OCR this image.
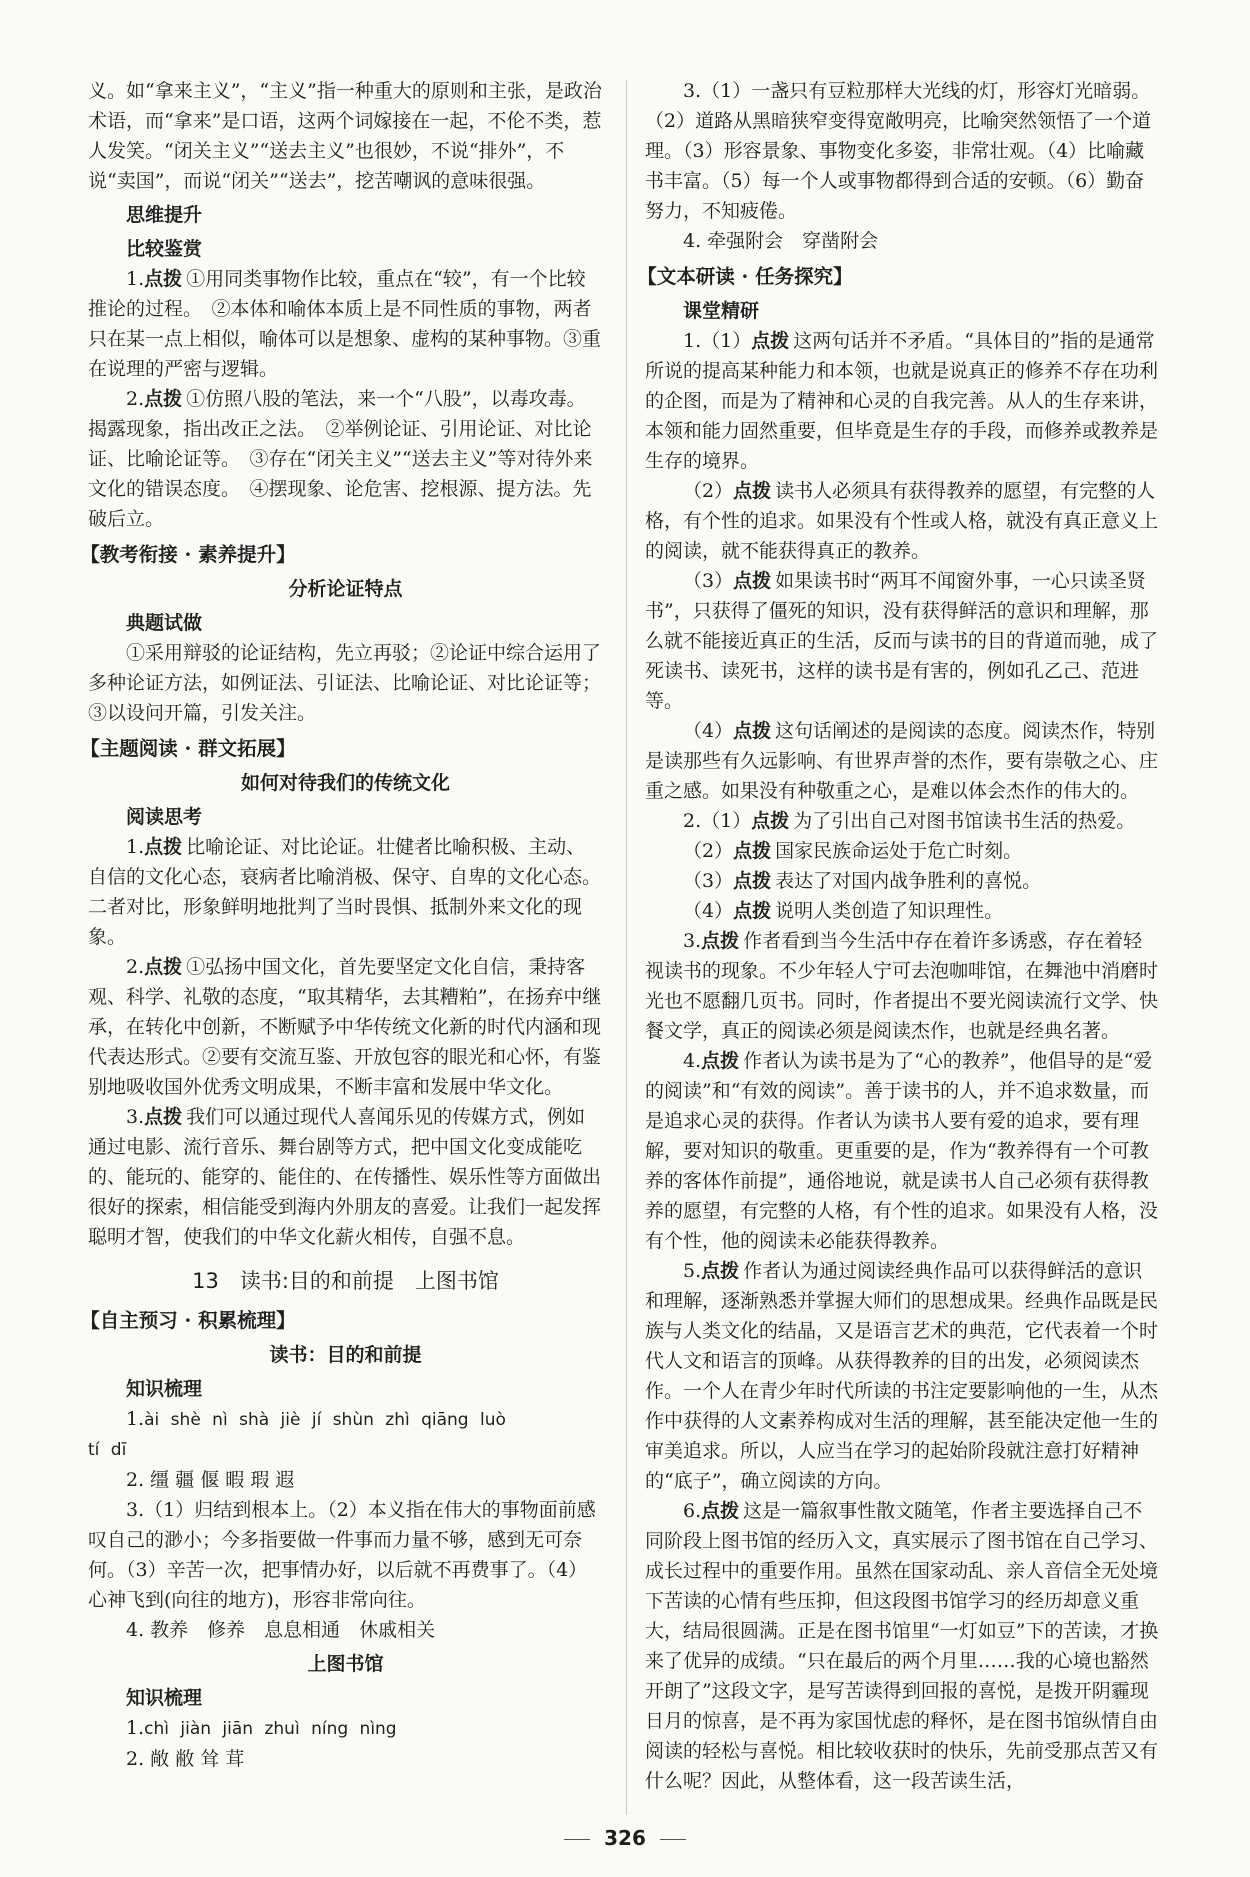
义。如“拿来主义”，“主义”指一种重大的原则和主张，是政治术语，而“拿来”是口语，这两个词嫁接在一起，不伦不类，惹人发笑。“闭关主义”“送去主义”也很妙，不说“排外”，不说“卖国”，而说“闭关”“送去”，挖苦嘲讽的意味很强。

思维提升
比较鉴赏

1.点拨 ①用同类事物作比较，重点在“较”，有一个比较推论的过程。　②本体和喻体本质上是不同性质的事物，两者只在某一点上相似，喻体可以是想象、虚构的某种事物。③重在说理的严密与逻辑。

2.点拨 ①仿照八股的笔法，来一个“八股”，以毒攻毒。揭露现象，指出改正之法。　②举例论证、引用论证、对比论证、比喻论证等。　③存在“闭关主义”“送去主义”等对待外来文化的错误态度。　④摆现象、论危害、挖根源、提方法。先破后立。

【教考衔接 · 素养提升】
分析论证特点
典题试做

①采用辩驳的论证结构，先立再驳；②论证中综合运用了多种论证方法，如例证法、引证法、比喻论证、对比论证等；③以设问开篇，引发关注。

【主题阅读 · 群文拓展】
如何对待我们的传统文化
阅读思考

1.点拨 比喻论证、对比论证。壮健者比喻积极、主动、自信的文化心态，衰病者比喻消极、保守、自卑的文化心态。二者对比，形象鲜明地批判了当时畏惧、抵制外来文化的现象。

2.点拨 ①弘扬中国文化，首先要坚定文化自信，秉持客观、科学、礼敬的态度，“取其精华，去其糟粕”，在扬弃中继承，在转化中创新，不断赋予中华传统文化新的时代内涵和现代表达形式。②要有交流互鉴、开放包容的眼光和心怀，有鉴别地吸收国外优秀文明成果，不断丰富和发展中华文化。

3.点拨 我们可以通过现代人喜闻乐见的传媒方式，例如通过电影、流行音乐、舞台剧等方式，把中国文化变成能吃的、能玩的、能穿的、能住的、在传播性、娱乐性等方面做出很好的探索，相信能受到海内外朋友的喜爱。让我们一起发挥聪明才智，使我们的中华文化薪火相传，自强不息。

13　读书:目的和前提　上图书馆
【自主预习 · 积累梳理】
读书：目的和前提
知识梳理

1.ài shè nì shà jiè jí shùn zhì qiāng luò

tí dī

2. 缰 疆 偃 暇 瑕 遐

3.（1）归结到根本上。（2）本义指在伟大的事物面前感叹自己的渺小；今多指要做一件事而力量不够，感到无可奈何。（3）辛苦一次，把事情办好，以后就不再费事了。（4）心神飞到(向往的地方)，形容非常向往。

4. 教养　修养　息息相通　休戚相关

上图书馆
知识梳理

1.chì jiàn jiān zhuì níng nìng

2. 敞 敝 耸 茸

3.（1）一盏只有豆粒那样大光线的灯，形容灯光暗弱。（2）道路从黑暗狭窄变得宽敞明亮，比喻突然领悟了一个道理。（3）形容景象、事物变化多姿，非常壮观。（4）比喻藏书丰富。（5）每一个人或事物都得到合适的安顿。（6）勤奋努力，不知疲倦。

4. 牵强附会　穿凿附会

【文本研读 · 任务探究】
课堂精研

1.（1）点拨 这两句话并不矛盾。“具体目的”指的是通常所说的提高某种能力和本领，也就是说真正的修养不存在功利的企图，而是为了精神和心灵的自我完善。从人的生存来讲，本领和能力固然重要，但毕竟是生存的手段，而修养或教养是生存的境界。

（2）点拨 读书人必须具有获得教养的愿望，有完整的人格，有个性的追求。如果没有个性或人格，就没有真正意义上的阅读，就不能获得真正的教养。

（3）点拨 如果读书时“两耳不闻窗外事，一心只读圣贤书”，只获得了僵死的知识，没有获得鲜活的意识和理解，那么就不能接近真正的生活，反而与读书的目的背道而驰，成了死读书、读死书，这样的读书是有害的，例如孔乙己、范进等。

（4）点拨 这句话阐述的是阅读的态度。阅读杰作，特别是读那些有久远影响、有世界声誉的杰作，要有崇敬之心、庄重之感。如果没有种敬重之心，是难以体会杰作的伟大的。

2.（1）点拨 为了引出自己对图书馆读书生活的热爱。

（2）点拨 国家民族命运处于危亡时刻。

（3）点拨 表达了对国内战争胜利的喜悦。

（4）点拨 说明人类创造了知识理性。

3.点拨 作者看到当今生活中存在着许多诱惑，存在着轻视读书的现象。不少年轻人宁可去泡咖啡馆，在舞池中消磨时光也不愿翻几页书。同时，作者提出不要光阅读流行文学、快餐文学，真正的阅读必须是阅读杰作，也就是经典名著。

4.点拨 作者认为读书是为了“心的教养”，他倡导的是“爱的阅读”和“有效的阅读”。善于读书的人，并不追求数量，而是追求心灵的获得。作者认为读书人要有爱的追求，要有理解，要对知识的敬重。更重要的是，作为“教养得有一个可教养的客体作前提”，通俗地说，就是读书人自己必须有获得教养的愿望，有完整的人格，有个性的追求。如果没有人格，没有个性，他的阅读未必能获得教养。

5.点拨 作者认为通过阅读经典作品可以获得鲜活的意识和理解，逐渐熟悉并掌握大师们的思想成果。经典作品既是民族与人类文化的结晶，又是语言艺术的典范，它代表着一个时代人文和语言的顶峰。从获得教养的目的出发，必须阅读杰作。一个人在青少年时代所读的书注定要影响他的一生，从杰作中获得的人文素养构成对生活的理解，甚至能决定他一生的审美追求。所以，人应当在学习的起始阶段就注意打好精神的“底子”，确立阅读的方向。

6.点拨 这是一篇叙事性散文随笔，作者主要选择自己不同阶段上图书馆的经历入文，真实展示了图书馆在自己学习、成长过程中的重要作用。虽然在国家动乱、亲人音信全无处境下苦读的心情有些压抑，但这段图书馆学习的经历却意义重大，结局很圆满。正是在图书馆里“一灯如豆”下的苦读，才换来了优异的成绩。“只在最后的两个月里……我的心境也豁然开朗了”这段文字，是写苦读得到回报的喜悦，是拨开阴霾现日月的惊喜，是不再为家国忧虑的释怀，是在图书馆纵情自由阅读的轻松与喜悦。相比较收获时的快乐，先前受那点苦又有什么呢？因此，从整体看，这一段苦读生活，

326
